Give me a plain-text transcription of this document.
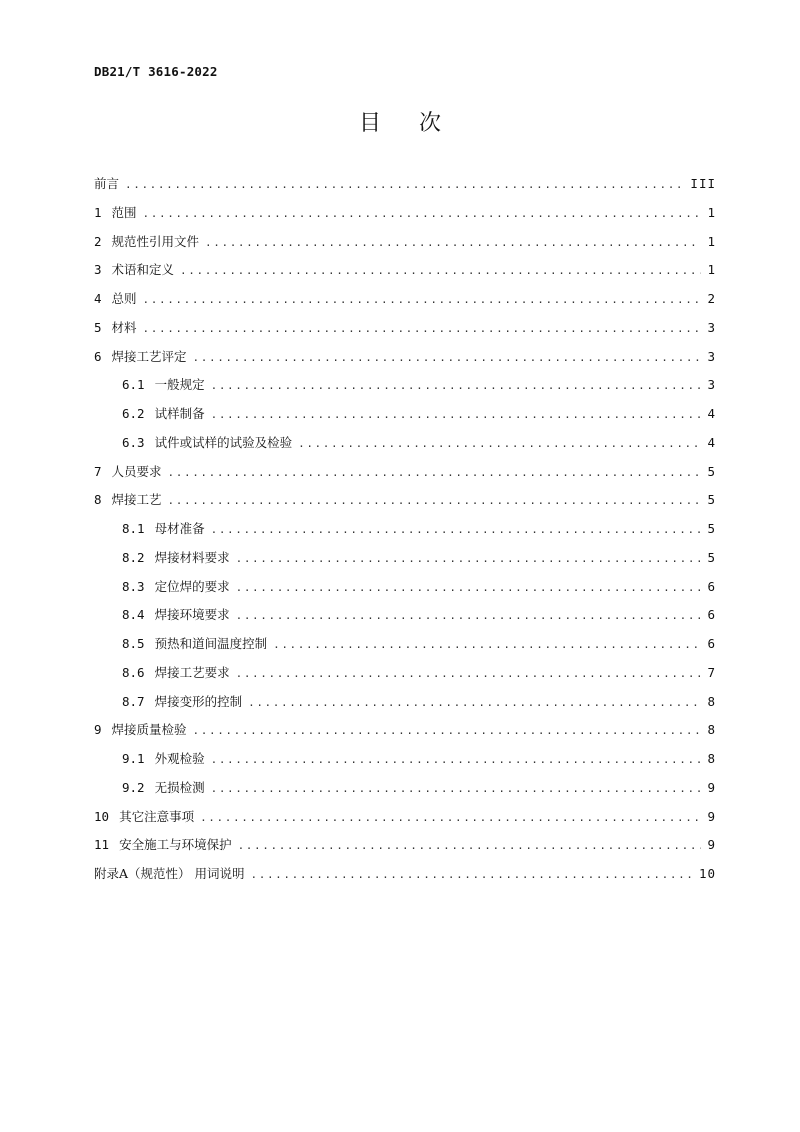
DB21/T 3616-2022
目次
前言 .....	III
1 范围 .....	1
2 规范性引用文件 .....	1
3 术语和定义 .....	1
4 总则 .....	2
5 材料 .....	3
6 焊接工艺评定 .....	3
6.1 一般规定 .....	3
6.2 试样制备 .....	4
6.3 试件或试样的试验及检验 .....	4
7 人员要求 .....	5
8 焊接工艺 .....	5
8.1 母材准备 .....	5
8.2 焊接材料要求 .....	5
8.3 定位焊的要求 .....	6
8.4 焊接环境要求 .....	6
8.5 预热和道间温度控制 .....	6
8.6 焊接工艺要求 .....	7
8.7 焊接变形的控制 .....	8
9 焊接质量检验 .....	8
9.1 外观检验 .....	8
9.2 无损检测 .....	9
10 其它注意事项 .....	9
11 安全施工与环境保护 .....	9
附录A（规范性） 用词说明 .....	10
